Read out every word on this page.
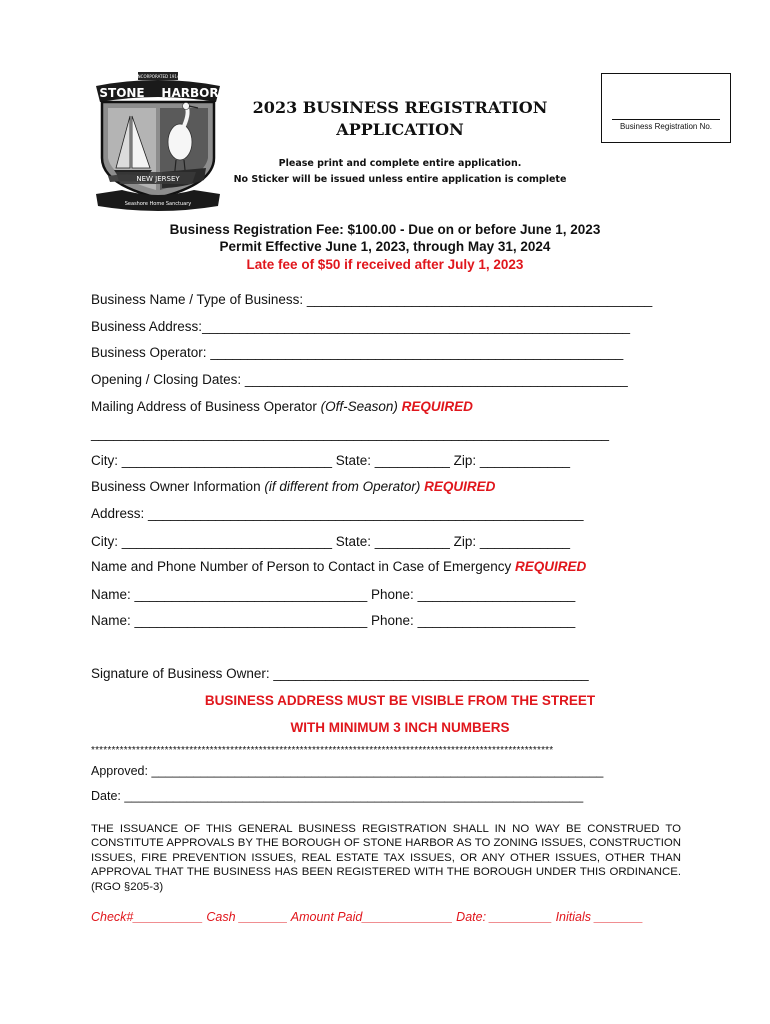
INCORPORATED 1914
STONE HARBOR
NEW JERSEY
Seashore Home Sanctuary
2023 BUSINESS REGISTRATION
APPLICATION
Please print and complete entire application.
No Sticker will be issued unless entire application is complete
Business Registration No.
Business Registration Fee: $100.00 - Due on or before June 1, 2023
Permit Effective June 1, 2023, through May 31, 2024
Late fee of $50 if received after July 1, 2023
Business Name / Type of Business: ______________________________________________
Business Address:_________________________________________________________
Business Operator: _______________________________________________________
Opening / Closing Dates: ___________________________________________________
Mailing Address of Business Operator (Off-Season) REQUIRED
_____________________________________________________________________
City: ____________________________ State: __________ Zip: ____________
Business Owner Information (if different from Operator) REQUIRED
Address: __________________________________________________________
City: ____________________________ State: __________ Zip: ____________
Name and Phone Number of Person to Contact in Case of Emergency REQUIRED
Name: _______________________________ Phone: _____________________
Name: _______________________________ Phone: _____________________
Signature of Business Owner: __________________________________________
BUSINESS ADDRESS MUST BE VISIBLE FROM THE STREET
WITH MINIMUM 3 INCH NUMBERS
*****************************************************************************************************************
Approved: _________________________________________________________________
Date: __________________________________________________________________
THE ISSUANCE OF THIS GENERAL BUSINESS REGISTRATION SHALL IN NO WAY BE CONSTRUED TO CONSTITUTE APPROVALS BY THE BOROUGH OF STONE HARBOR AS TO ZONING ISSUES, CONSTRUCTION ISSUES, FIRE PREVENTION ISSUES, REAL ESTATE TAX ISSUES, OR ANY OTHER ISSUES, OTHER THAN APPROVAL THAT THE BUSINESS HAS BEEN REGISTERED WITH THE BOROUGH UNDER THIS ORDINANCE. (RGO §205-3)
Check#__________ Cash _______ Amount Paid_____________ Date: _________ Initials _______
